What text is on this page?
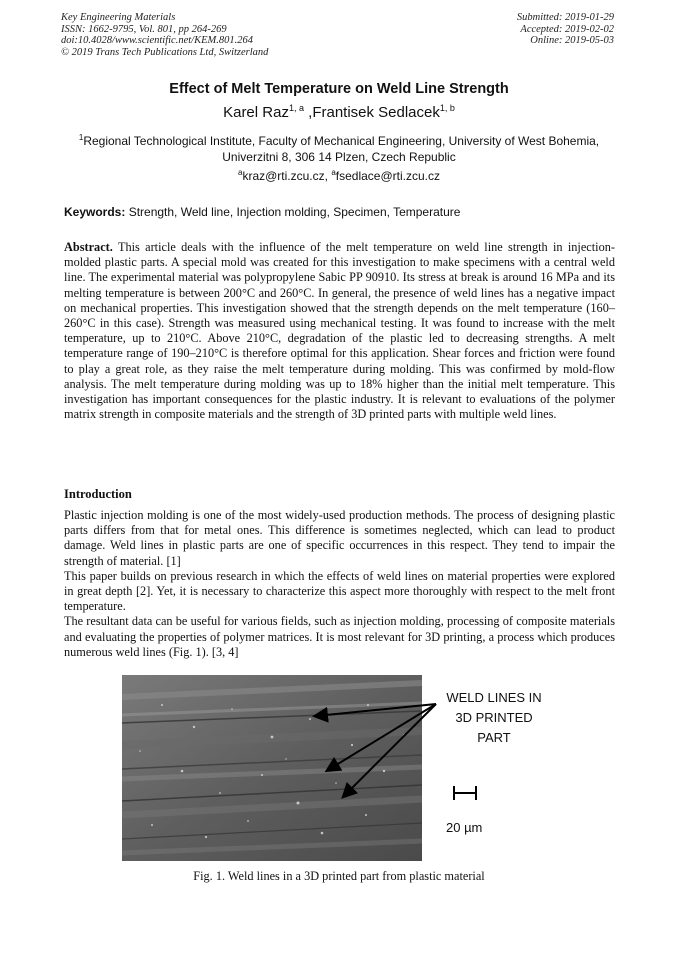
Key Engineering Materials
ISSN: 1662-9795, Vol. 801, pp 264-269
doi:10.4028/www.scientific.net/KEM.801.264
© 2019 Trans Tech Publications Ltd, Switzerland
Submitted: 2019-01-29
Accepted: 2019-02-02
Online: 2019-05-03
Effect of Melt Temperature on Weld Line Strength
Karel Raz$^{1, a}$ ,Frantisek Sedlacek$^{1, b}$
$^1$Regional Technological Institute, Faculty of Mechanical Engineering, University of West Bohemia, Univerzitni 8, 306 14 Plzen, Czech Republic
$^a$kraz@rti.zcu.cz, $^a$fsedlace@rti.zcu.cz
Keywords: Strength, Weld line, Injection molding, Specimen, Temperature
Abstract. This article deals with the influence of the melt temperature on weld line strength in injection-molded plastic parts. A special mold was created for this investigation to make specimens with a central weld line. The experimental material was polypropylene Sabic PP 90910. Its stress at break is around 16 MPa and its melting temperature is between 200°C and 260°C. In general, the presence of weld lines has a negative impact on mechanical properties. This investigation showed that the strength depends on the melt temperature (160–260°C in this case). Strength was measured using mechanical testing. It was found to increase with the melt temperature, up to 210°C. Above 210°C, degradation of the plastic led to decreasing strengths. A melt temperature range of 190–210°C is therefore optimal for this application. Shear forces and friction were found to play a great role, as they raise the melt temperature during molding. This was confirmed by mold-flow analysis. The melt temperature during molding was up to 18% higher than the initial melt temperature. This investigation has important consequences for the plastic industry. It is relevant to evaluations of the polymer matrix strength in composite materials and the strength of 3D printed parts with multiple weld lines.
Introduction

Plastic injection molding is one of the most widely-used production methods. The process of designing plastic parts differs from that for metal ones. This difference is sometimes neglected, which can lead to product damage. Weld lines in plastic parts are one of specific occurrences in this respect. They tend to impair the strength of material. [1]

This paper builds on previous research in which the effects of weld lines on material properties were explored in great depth [2]. Yet, it is necessary to characterize this aspect more thoroughly with respect to the melt front temperature.

The resultant data can be useful for various fields, such as injection molding, processing of composite materials and evaluating the properties of polymer matrices. It is most relevant for 3D printing, a process which produces numerous weld lines (Fig. 1). [3, 4]

WELD LINES IN
3D PRINTED
PART
20 µm
Fig. 1. Weld lines in a 3D printed part from plastic material
